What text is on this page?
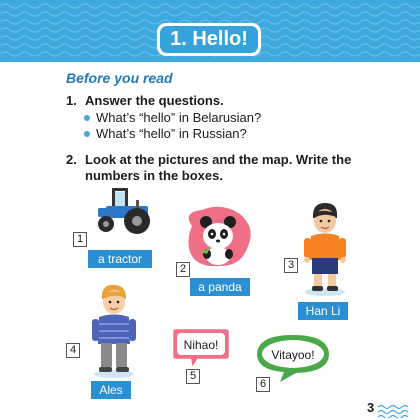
1. Hello!
Before you read
1. Answer the questions.
What’s “hello” in Belarusian?
What’s “hello” in Russian?
2. Look at the pictures and the map. Write the
numbers in the boxes.
1
a tractor
2
a panda
3
Han Li
4
Ales
Nihao!
5
Vitayoo!
6
3
